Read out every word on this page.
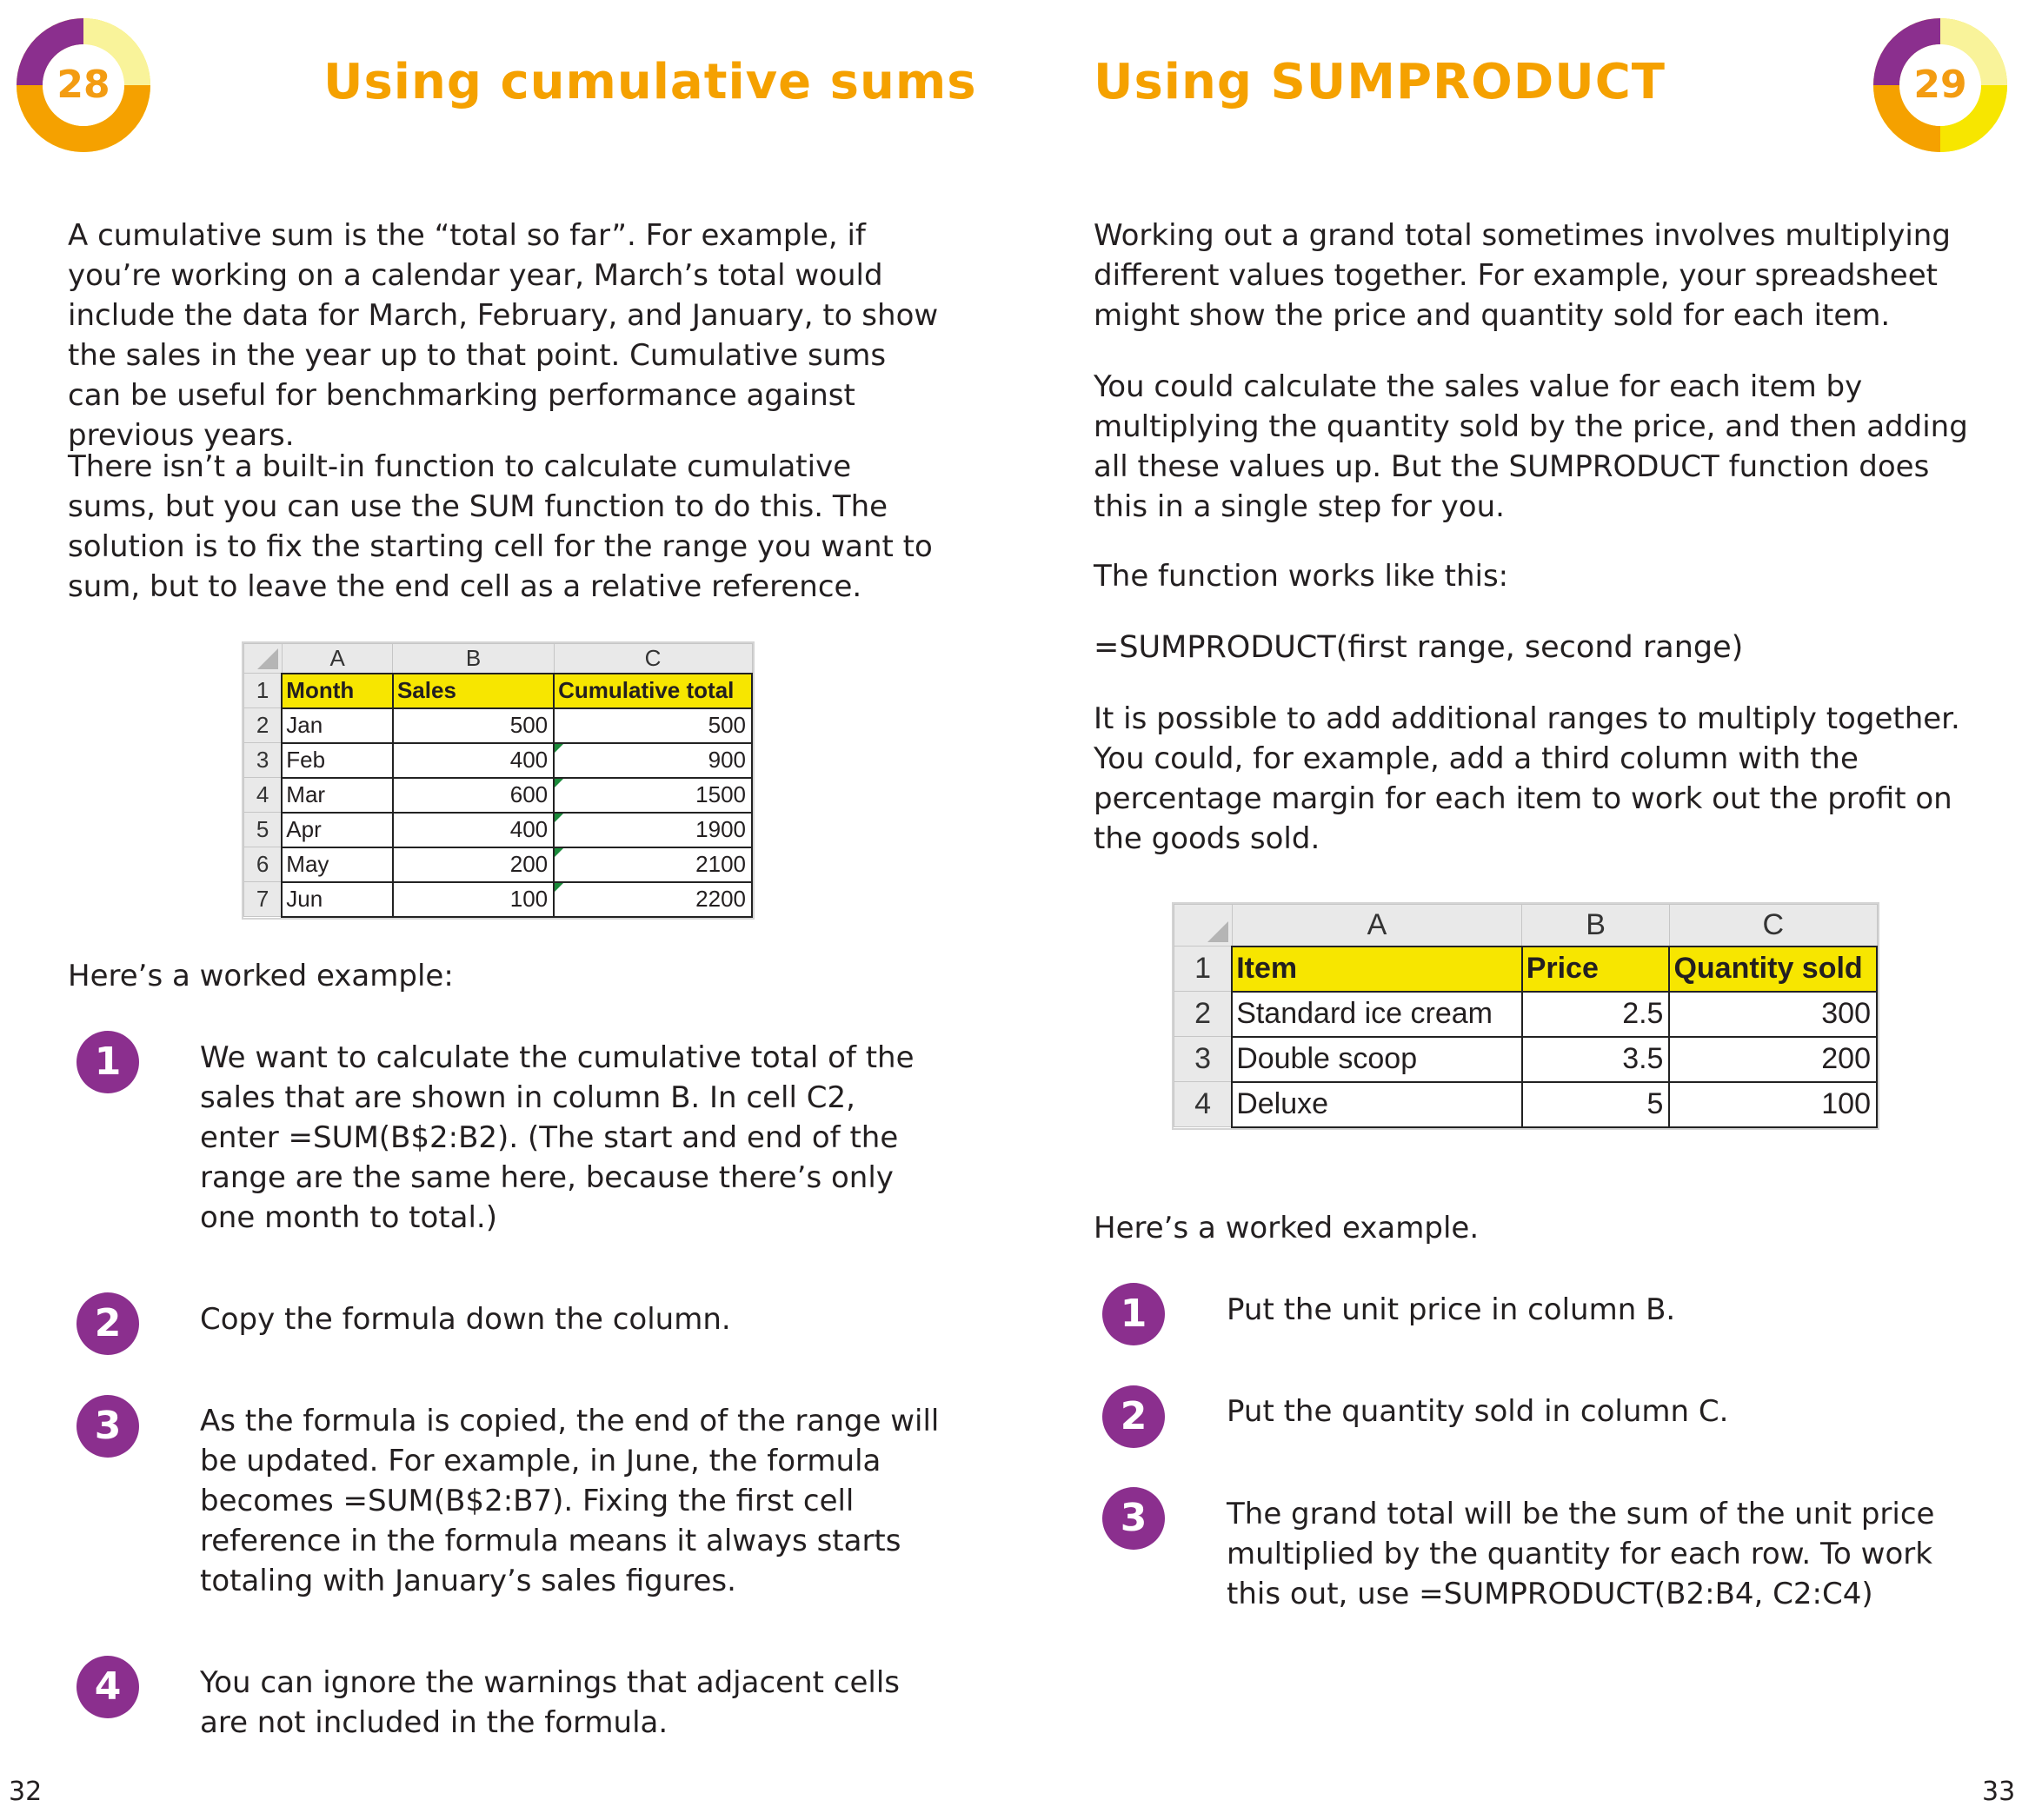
28	Using cumulative sums

A cumulative sum is the “total so far”. For example, if you’re working on a calendar year, March’s total would include the data for March, February, and January, to show the sales in the year up to that point. Cumulative sums can be useful for benchmarking performance against previous years.

There isn’t a built-in function to calculate cumulative sums, but you can use the SUM function to do this. The solution is to fix the starting cell for the range you want to sum, but to leave the end cell as a relative reference.

	A	B	C
1	Month	Sales	Cumulative total
2	Jan	500	500
3	Feb	400	900
4	Mar	600	1500
5	Apr	400	1900
6	May	200	2100
7	Jun	100	2200

Here’s a worked example:

1	We want to calculate the cumulative total of the sales that are shown in column B. In cell C2, enter =SUM(B$2:B2). (The start and end of the range are the same here, because there’s only one month to total.)

2	Copy the formula down the column.

3	As the formula is copied, the end of the range will be updated. For example, in June, the formula becomes =SUM(B$2:B7). Fixing the first cell reference in the formula means it always starts totaling with January’s sales figures.

4	You can ignore the warnings that adjacent cells are not included in the formula.

32
Using SUMPRODUCT	29

Working out a grand total sometimes involves multiplying different values together. For example, your spreadsheet might show the price and quantity sold for each item.

You could calculate the sales value for each item by multiplying the quantity sold by the price, and then adding all these values up. But the SUMPRODUCT function does this in a single step for you.

The function works like this:

=SUMPRODUCT(first range, second range)

It is possible to add additional ranges to multiply together. You could, for example, add a third column with the percentage margin for each item to work out the profit on the goods sold.

Here’s a worked example.

1	Put the unit price in column B.

2	Put the quantity sold in column C.

3	The grand total will be the sum of the unit price multiplied by the quantity for each row. To work this out, use =SUMPRODUCT(B2:B4, C2:C4)

33
	A	B	C
1	Item	Price	Quantity sold
2	Standard ice cream	2.5	300
3	Double scoop	3.5	200
4	Deluxe	5	100
